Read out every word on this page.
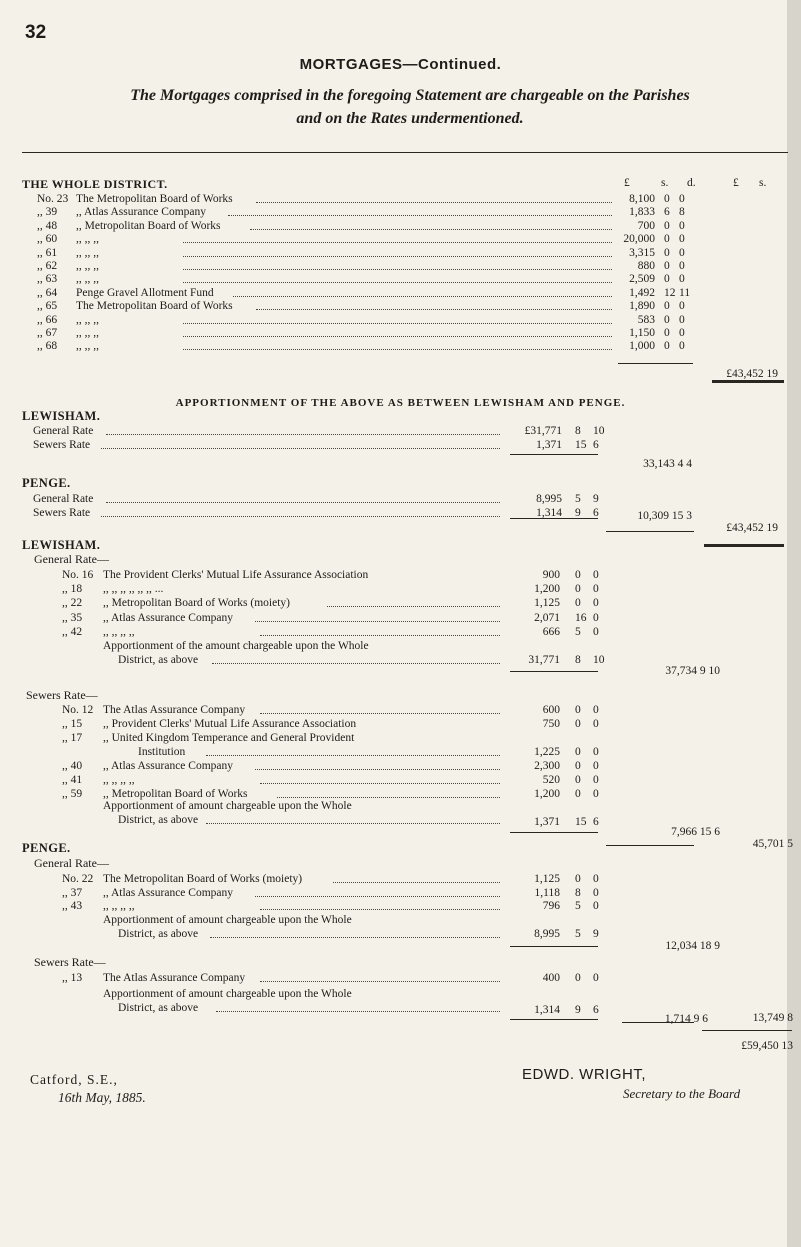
32
MORTGAGES—Continued.
The Mortgages comprised in the foregoing Statement are chargeable on the Parishes
and on the Rates undermentioned.
THE WHOLE DISTRICT.	£	s. d.	£ s.
No. 23 The Metropolitan Board of Works	8,100 0 0
,, 39 ,, Atlas Assurance Company	1,833 6 8
,, 48 ,, Metropolitan Board of Works	700 0 0
,, 60 ,, ,, ,,	20,000 0 0
,, 61 ,, ,, ,,	3,315 0 0
,, 62 ,, ,, ,,	880 0 0
,, 63 ,, ,, ,,	2,509 0 0
,, 64 Penge Gravel Allotment Fund	1,492 12 11
,, 65 The Metropolitan Board of Works	1,890 0 0
,, 66 ,, ,, ,,	583 0 0
,, 67 ,, ,, ,,	1,150 0 0
,, 68 ,, ,, ,,	1,000 0 0
£43,452 19
APPORTIONMENT OF THE ABOVE AS BETWEEN LEWISHAM AND PENGE.
LEWISHAM.
General Rate	£31,771 8 10
Sewers Rate	1,371 15 6
33,143 4 4
PENGE.
General Rate	8,995 5 9
Sewers Rate	1,314 9 6	10,309 15 3
£43,452 19
LEWISHAM.
General Rate—
No. 16 The Provident Clerks' Mutual Life Assurance Association	900 0 0
,, 18 ,, ,, ,, ,, ,, ,, ...	1,200 0 0
,, 22 ,, Metropolitan Board of Works (moiety)	1,125 0 0
,, 35 ,, Atlas Assurance Company	2,071 16 0
,, 42 ,, ,, ,, ,,	666 5 0
Apportionment of the amount chargeable upon the Whole
District, as above	31,771 8 10
37,734 9 10
Sewers Rate—
No. 12 The Atlas Assurance Company	600 0 0
,, 15 ,, Provident Clerks' Mutual Life Assurance Association	750 0 0
,, 17 ,, United Kingdom Temperance and General Provident
Institution	1,225 0 0
,, 40 ,, Atlas Assurance Company	2,300 0 0
,, 41 ,, ,, ,, ,,	520 0 0
,, 59 ,, Metropolitan Board of Works	1,200 0 0
Apportionment of amount chargeable upon the Whole
District, as above	1,371 15 6
7,966 15 6
45,701 5
PENGE.
General Rate—
No. 22 The Metropolitan Board of Works (moiety)	1,125 0 0
,, 37 ,, Atlas Assurance Company	1,118 8 0
,, 43 ,, ,, ,, ,,	796 5 0
Apportionment of amount chargeable upon the Whole
District, as above	8,995 5 9
12,034 18 9
Sewers Rate—
,, 13 The Atlas Assurance Company	400 0 0
Apportionment of amount chargeable upon the Whole
District, as above	1,314 9 6
1,714 9 6	13,749 8
£59,450 13
Catford, S.E.,
16th May, 1885.
EDWD. WRIGHT,
Secretary to the Board
